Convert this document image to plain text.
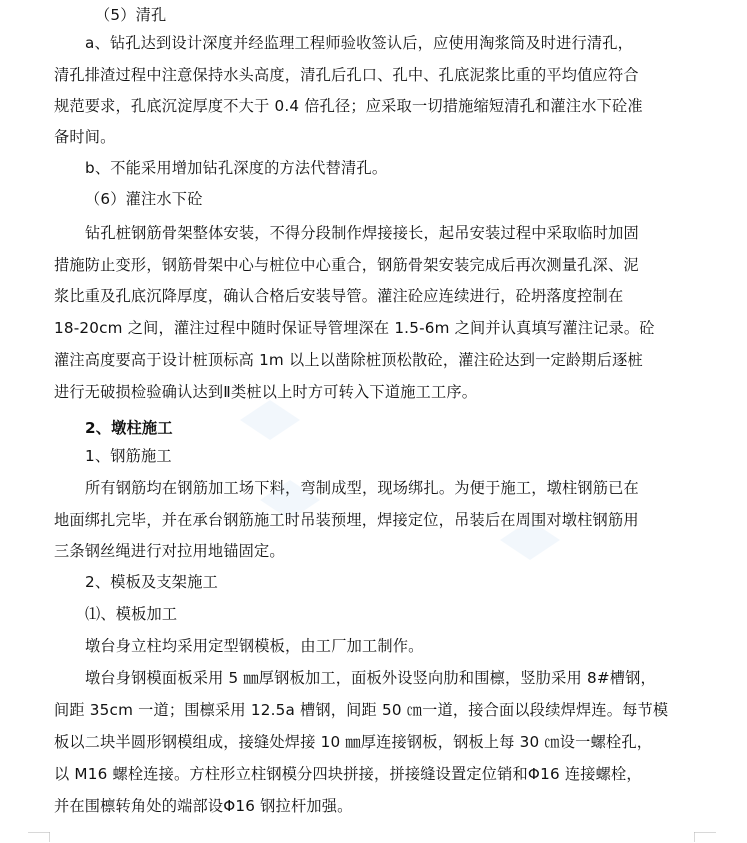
（5）清孔
a、钻孔达到设计深度并经监理工程师验收签认后，应使用淘浆筒及时进行清孔，
清孔排渣过程中注意保持水头高度，清孔后孔口、孔中、孔底泥浆比重的平均值应符合
规范要求，孔底沉淀厚度不大于 0.4 倍孔径；应采取一切措施缩短清孔和灌注水下砼准
备时间。
b、不能采用增加钻孔深度的方法代替清孔。
（6）灌注水下砼
钻孔桩钢筋骨架整体安装，不得分段制作焊接接长，起吊安装过程中采取临时加固
措施防止变形，钢筋骨架中心与桩位中心重合，钢筋骨架安装完成后再次测量孔深、泥
浆比重及孔底沉降厚度，确认合格后安装导管。灌注砼应连续进行，砼坍落度控制在
18-20cm 之间，灌注过程中随时保证导管埋深在 1.5-6m 之间并认真填写灌注记录。砼
灌注高度要高于设计桩顶标高 1m 以上以凿除桩顶松散砼，灌注砼达到一定龄期后逐桩
进行无破损检验确认达到Ⅱ类桩以上时方可转入下道施工工序。
2、墩柱施工
1、钢筋施工
所有钢筋均在钢筋加工场下料，弯制成型，现场绑扎。为便于施工，墩柱钢筋已在
地面绑扎完毕，并在承台钢筋施工时吊装预埋，焊接定位，吊装后在周围对墩柱钢筋用
三条钢丝绳进行对拉用地锚固定。
2、模板及支架施工
⑴、模板加工
墩台身立柱均采用定型钢模板，由工厂加工制作。
墩台身钢模面板采用 5 ㎜厚钢板加工，面板外设竖向肋和围檩，竖肋采用 8#槽钢，
间距 35cm 一道；围檩采用 12.5a 槽钢，间距 50 ㎝一道，接合面以段续焊焊连。每节模
板以二块半圆形钢模组成，接缝处焊接 10 ㎜厚连接钢板，钢板上每 30 ㎝设一螺栓孔，
以 M16 螺栓连接。方柱形立柱钢模分四块拼接，拼接缝设置定位销和Φ16 连接螺栓，
并在围檩转角处的端部设Φ16 钢拉杆加强。
